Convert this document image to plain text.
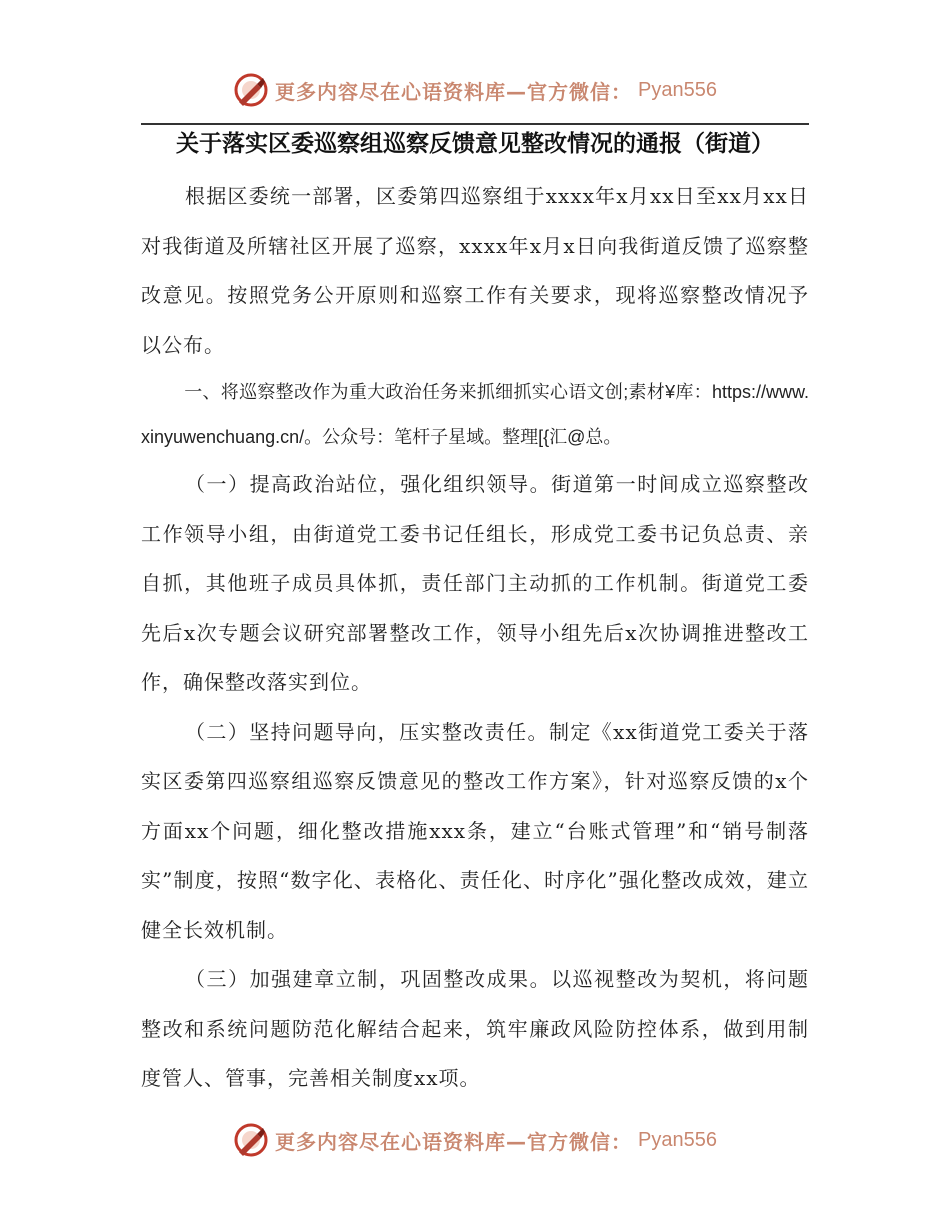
更多内容尽在心语资料库—官方微信： Pyan556
关于落实区委巡察组巡察反馈意见整改情况的通报（街道）

根据区委统一部署，区委第四巡察组于xxxx年x月xx日至xx月xx日对我街道及所辖社区开展了巡察，xxxx年x月x日向我街道反馈了巡察整改意见。按照党务公开原则和巡察工作有关要求，现将巡察整改情况予以公布。

一、将巡察整改作为重大政治任务来抓细抓实心语文创;素材¥库：https://www.xinyuwenchuang.cn/。公众号：笔杆子星域。整理[{汇@总。

（一）提高政治站位，强化组织领导。街道第一时间成立巡察整改工作领导小组，由街道党工委书记任组长，形成党工委书记负总责、亲自抓，其他班子成员具体抓，责任部门主动抓的工作机制。街道党工委先后x次专题会议研究部署整改工作，领导小组先后x次协调推进整改工作，确保整改落实到位。

（二）坚持问题导向，压实整改责任。制定《xx街道党工委关于落实区委第四巡察组巡察反馈意见的整改工作方案》，针对巡察反馈的x个方面xx个问题，细化整改措施xxx条，建立“台账式管理”和“销号制落实”制度，按照“数字化、表格化、责任化、时序化”强化整改成效，建立健全长效机制。

（三）加强建章立制，巩固整改成果。以巡视整改为契机，将问题整改和系统问题防范化解结合起来，筑牢廉政风险防控体系，做到用制度管人、管事，完善相关制度xx项。

更多内容尽在心语资料库—官方微信： Pyan556
